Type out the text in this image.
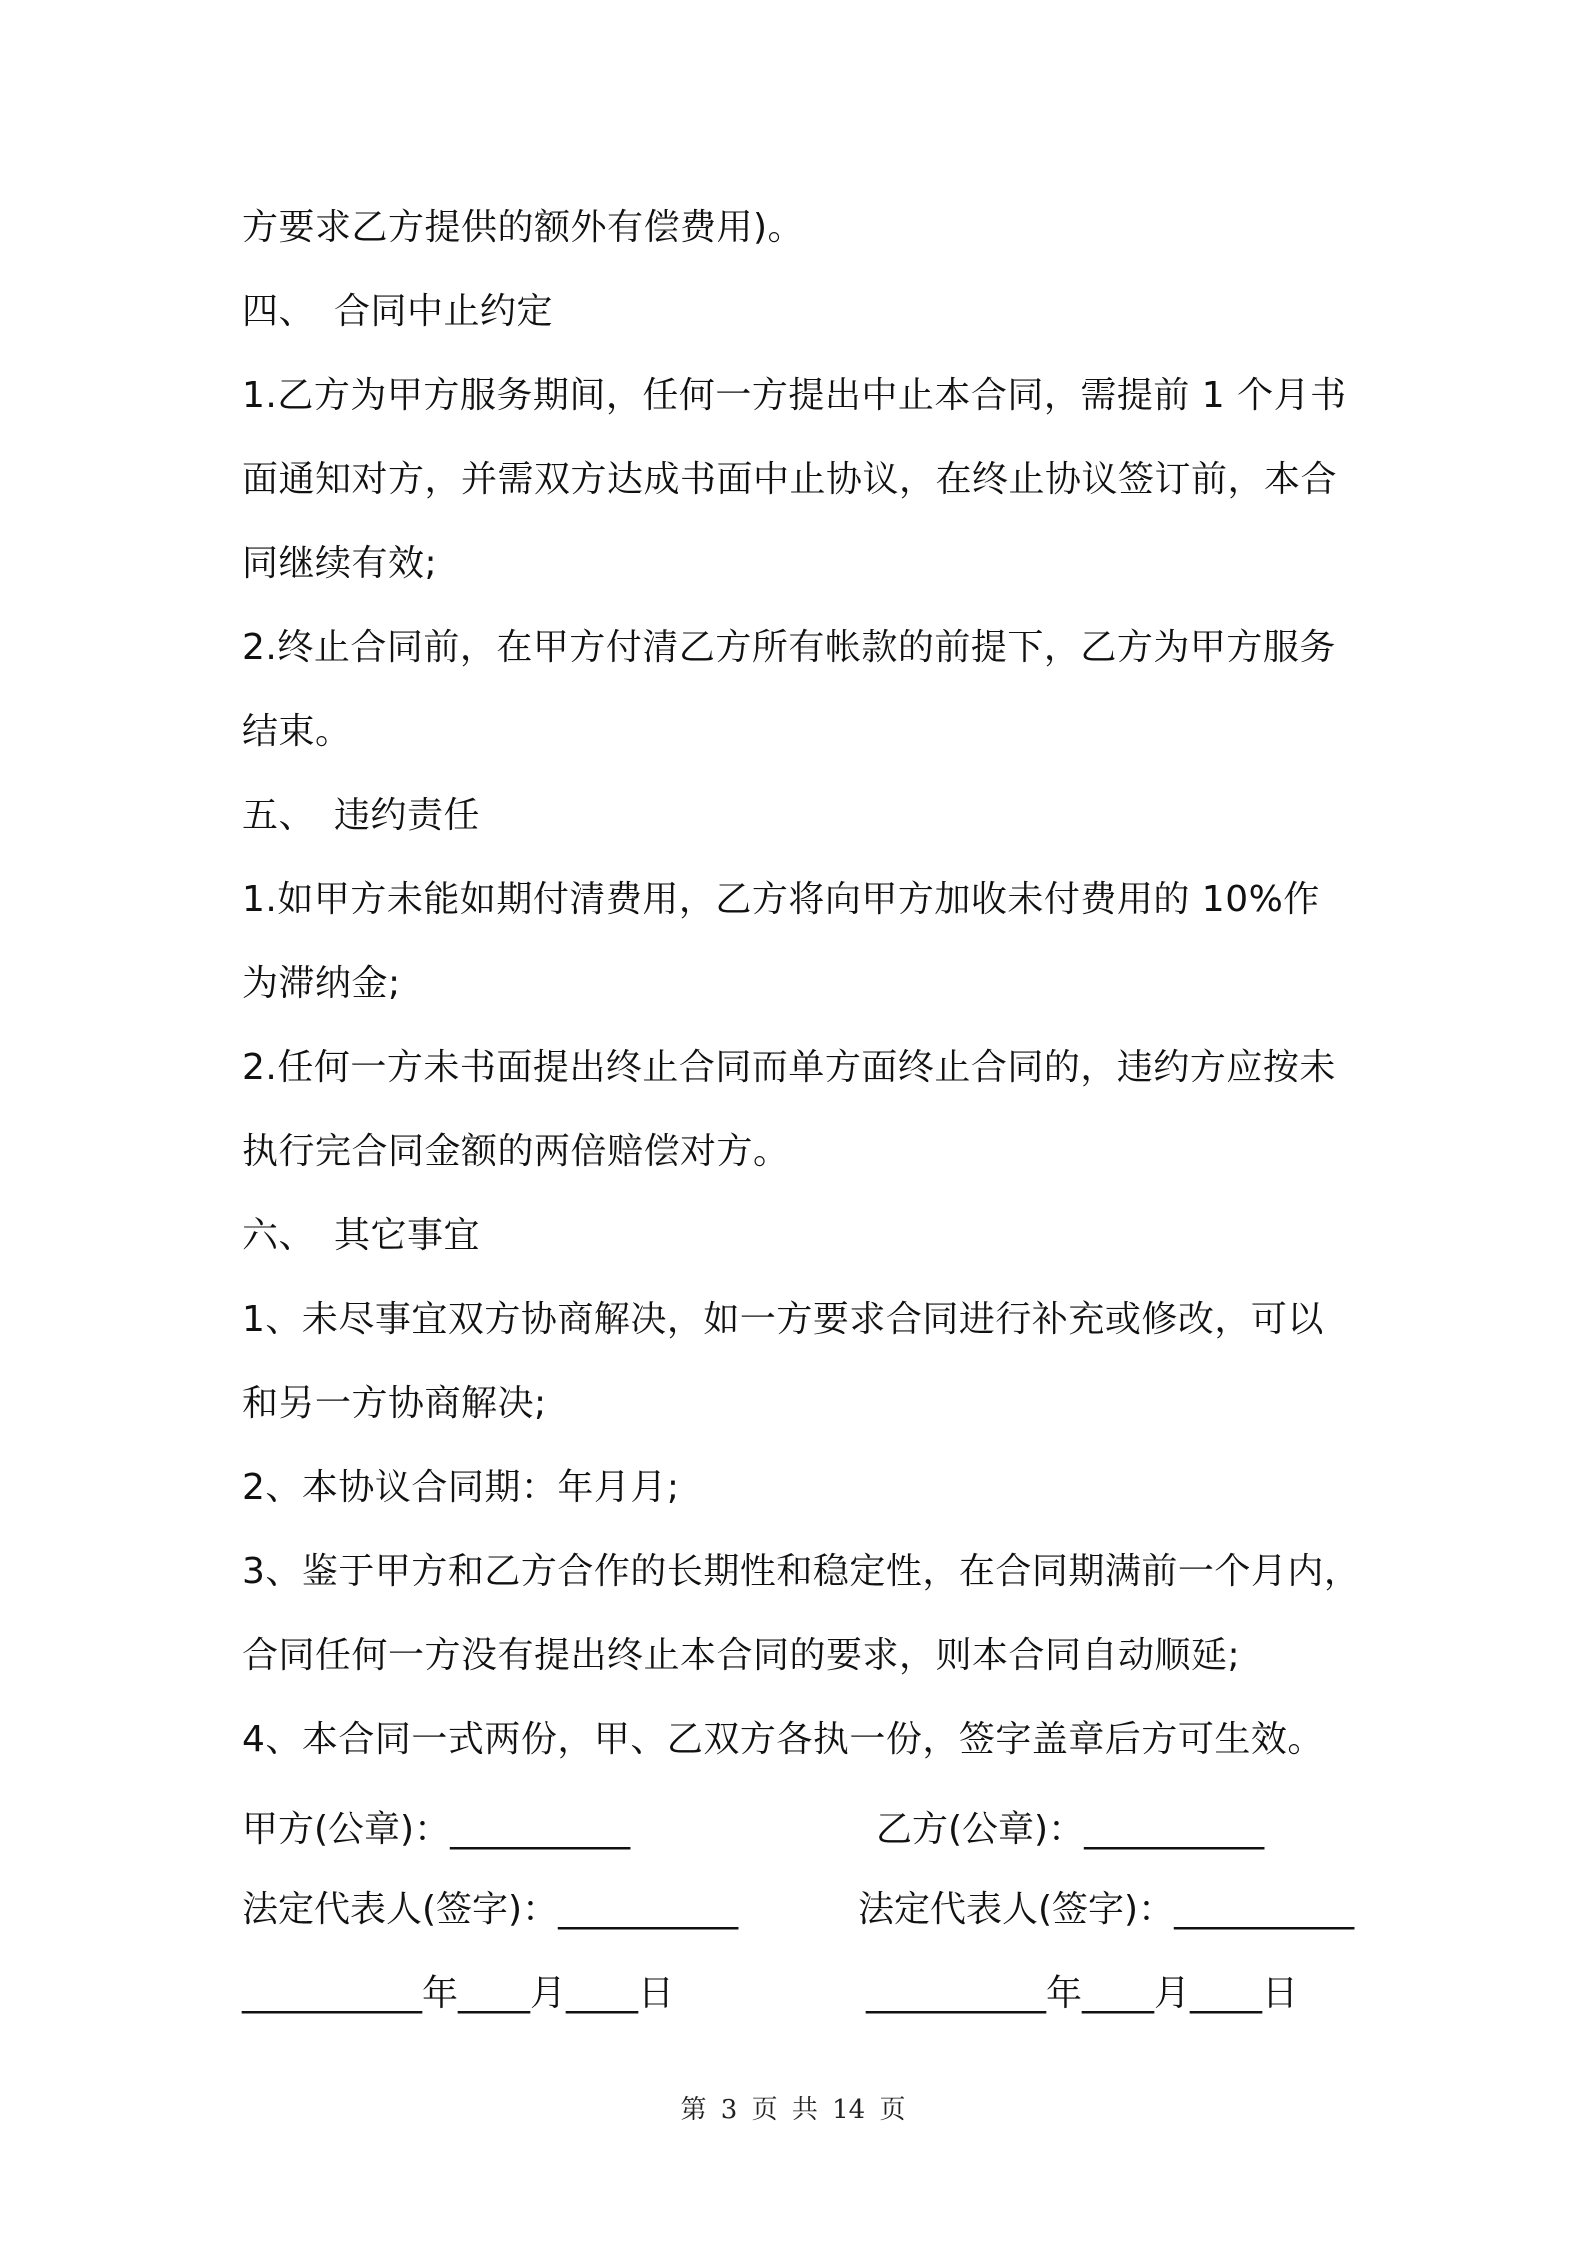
方要求乙方提供的额外有偿费用)。
四、 合同中止约定
1.乙方为甲方服务期间，任何一方提出中止本合同，需提前 1 个月书
面通知对方，并需双方达成书面中止协议，在终止协议签订前，本合
同继续有效;
2.终止合同前，在甲方付清乙方所有帐款的前提下，乙方为甲方服务
结束。
五、 违约责任
1.如甲方未能如期付清费用，乙方将向甲方加收未付费用的 10%作
为滞纳金;
2.任何一方未书面提出终止合同而单方面终止合同的，违约方应按未
执行完合同金额的两倍赔偿对方。
六、 其它事宜
1、未尽事宜双方协商解决，如一方要求合同进行补充或修改，可以
和另一方协商解决;
2、本协议合同期：年月月;
3、鉴于甲方和乙方合作的长期性和稳定性，在合同期满前一个月内，
合同任何一方没有提出终止本合同的要求，则本合同自动顺延;
4、本合同一式两份，甲、乙双方各执一份，签字盖章后方可生效。
甲方(公章)：__________	乙方(公章)：__________
法定代表人(签字)：__________	法定代表人(签字)：__________
__________年____月____日	__________年____月____日
第 3 页 共 14 页
